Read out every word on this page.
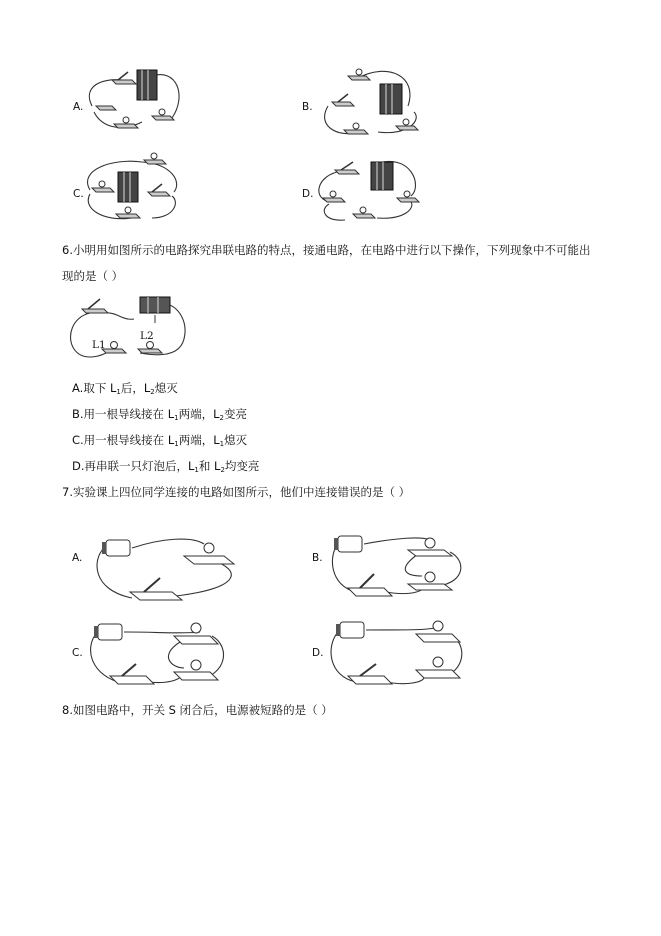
A.	B.
C.	D.
6.小明用如图所示的电路探究串联电路的特点，接通电路，在电路中进行以下操作，下列现象中不可能出
现的是（ ）
L1
L2
A.取下 $L_1$后，$L_2$熄灭
B.用一根导线接在 $L_1$两端，$L_2$变亮
C.用一根导线接在 $L_1$两端，$L_1$熄灭
D.再串联一只灯泡后，$L_1$和 $L_2$均变亮
7.实验课上四位同学连接的电路如图所示，他们中连接错误的是（ ）
A.	B.
C.	D.
8.如图电路中，开关 S 闭合后，电源被短路的是（ ）
